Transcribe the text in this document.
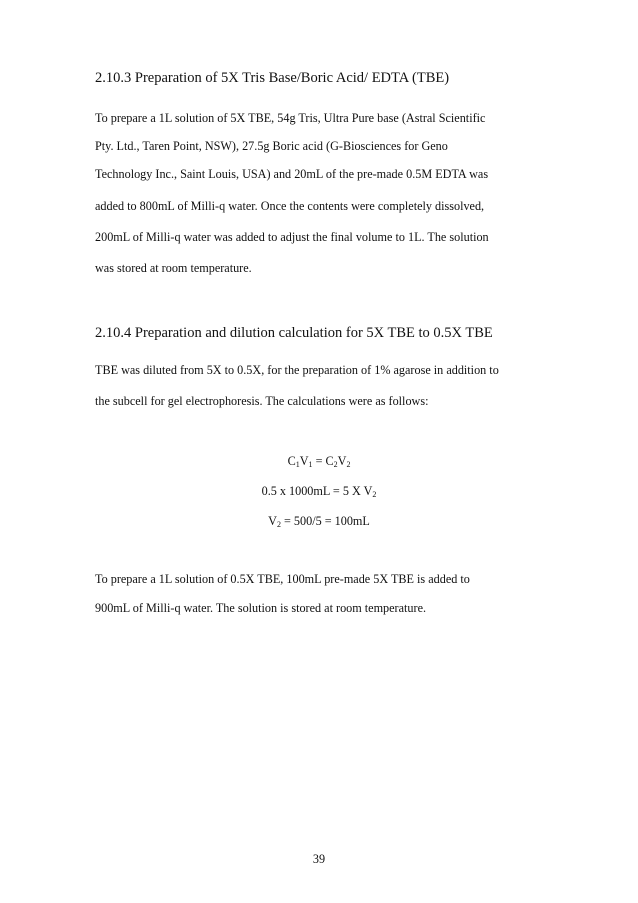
2.10.3 Preparation of 5X Tris Base/Boric Acid/ EDTA (TBE)
To prepare a 1L solution of 5X TBE, 54g Tris, Ultra Pure base (Astral Scientific
Pty. Ltd., Taren Point, NSW), 27.5g Boric acid (G-Biosciences for Geno
Technology Inc., Saint Louis, USA) and 20mL of the pre-made 0.5M EDTA was
added to 800mL of Milli-q water. Once the contents were completely dissolved,
200mL of Milli-q water was added to adjust the final volume to 1L. The solution
was stored at room temperature.
2.10.4 Preparation and dilution calculation for 5X TBE to 0.5X TBE
TBE was diluted from 5X to 0.5X, for the preparation of 1% agarose in addition to
the subcell for gel electrophoresis. The calculations were as follows:
$C_1V_1 = C_2V_2$
0.5 x 1000mL = 5 X $V_2$
$V_2 = 500/5 = 100mL$
To prepare a 1L solution of 0.5X TBE, 100mL pre-made 5X TBE is added to
900mL of Milli-q water. The solution is stored at room temperature.
39
